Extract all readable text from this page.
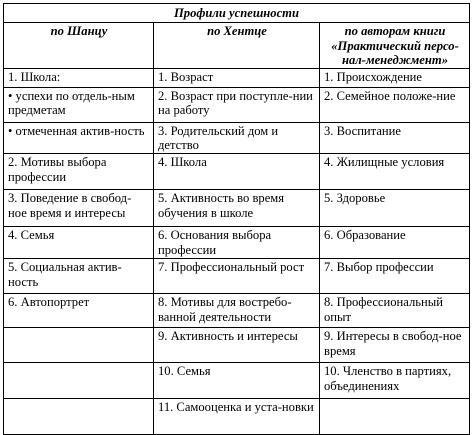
Профили успешности		

по Шанцу	по Хентце	по авторам книги
«Практический персо-
нал-менеджмент»

1. Школа:	1. Возраст	1. Происхождение

• успехи по отдель-ным предметам	2. Возраст при поступле-нии на работу	2. Семейное положе-ние

• отмеченная актив-ность	3. Родительский дом и детство	3. Воспитание

2. Мотивы выбора профессии	4. Школа	4. Жилищные условия

3. Поведение в свобод-ное время и интересы	5. Активность во время обучения в школе	5. Здоровье

4. Семья	6. Основания выбора профессии	6. Образование

5. Социальная актив-ность	7. Профессиональный рост	7. Выбор профессии

6. Автопортрет	8. Мотивы для востребо-ванной деятельности	8. Профессиональный опыт

	9. Активность и интересы	9. Интересы в свобод-ное время

	10. Семья	10. Членство в партиях, объединениях

	11. Самооценка и уста-новки	
